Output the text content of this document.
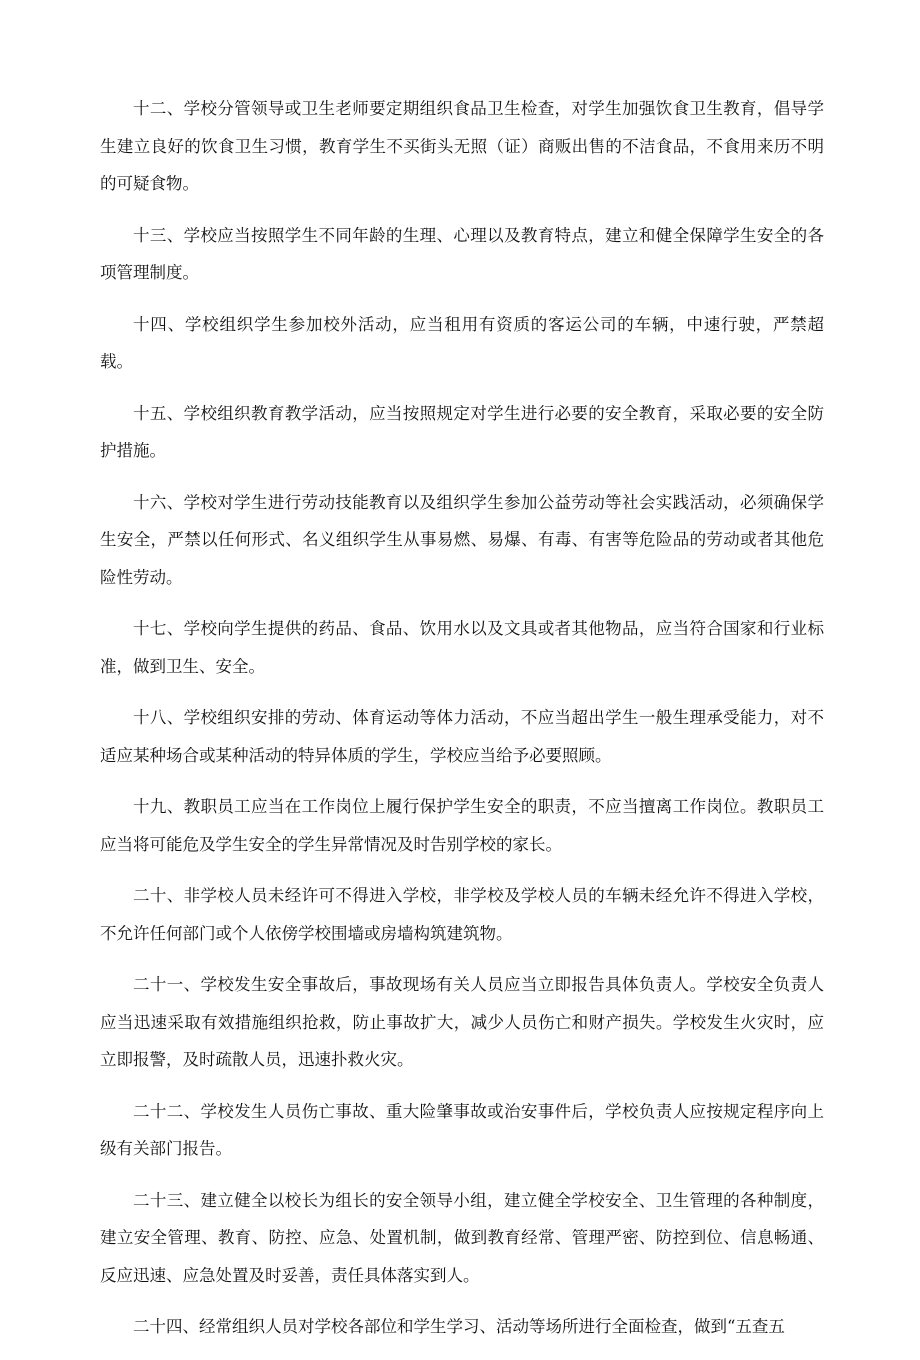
十二、学校分管领导或卫生老师要定期组织食品卫生检查，对学生加强饮食卫生教育，倡导学生建立良好的饮食卫生习惯，教育学生不买街头无照（证）商贩出售的不洁食品，不食用来历不明的可疑食物。

十三、学校应当按照学生不同年龄的生理、心理以及教育特点，建立和健全保障学生安全的各项管理制度。

十四、学校组织学生参加校外活动，应当租用有资质的客运公司的车辆，中速行驶，严禁超载。

十五、学校组织教育教学活动，应当按照规定对学生进行必要的安全教育，采取必要的安全防护措施。

十六、学校对学生进行劳动技能教育以及组织学生参加公益劳动等社会实践活动，必须确保学生安全，严禁以任何形式、名义组织学生从事易燃、易爆、有毒、有害等危险品的劳动或者其他危险性劳动。

十七、学校向学生提供的药品、食品、饮用水以及文具或者其他物品，应当符合国家和行业标准，做到卫生、安全。

十八、学校组织安排的劳动、体育运动等体力活动，不应当超出学生一般生理承受能力，对不适应某种场合或某种活动的特异体质的学生，学校应当给予必要照顾。

十九、教职员工应当在工作岗位上履行保护学生安全的职责，不应当擅离工作岗位。教职员工应当将可能危及学生安全的学生异常情况及时告别学校的家长。

二十、非学校人员未经许可不得进入学校，非学校及学校人员的车辆未经允许不得进入学校，不允许任何部门或个人依傍学校围墙或房墙构筑建筑物。

二十一、学校发生安全事故后，事故现场有关人员应当立即报告具体负责人。学校安全负责人应当迅速采取有效措施组织抢救，防止事故扩大，减少人员伤亡和财产损失。学校发生火灾时，应立即报警，及时疏散人员，迅速扑救火灾。

二十二、学校发生人员伤亡事故、重大险肇事故或治安事件后，学校负责人应按规定程序向上级有关部门报告。

二十三、建立健全以校长为组长的安全领导小组，建立健全学校安全、卫生管理的各种制度，建立安全管理、教育、防控、应急、处置机制，做到教育经常、管理严密、防控到位、信息畅通、反应迅速、应急处置及时妥善，责任具体落实到人。

二十四、经常组织人员对学校各部位和学生学习、活动等场所进行全面检查，做到“五查五
